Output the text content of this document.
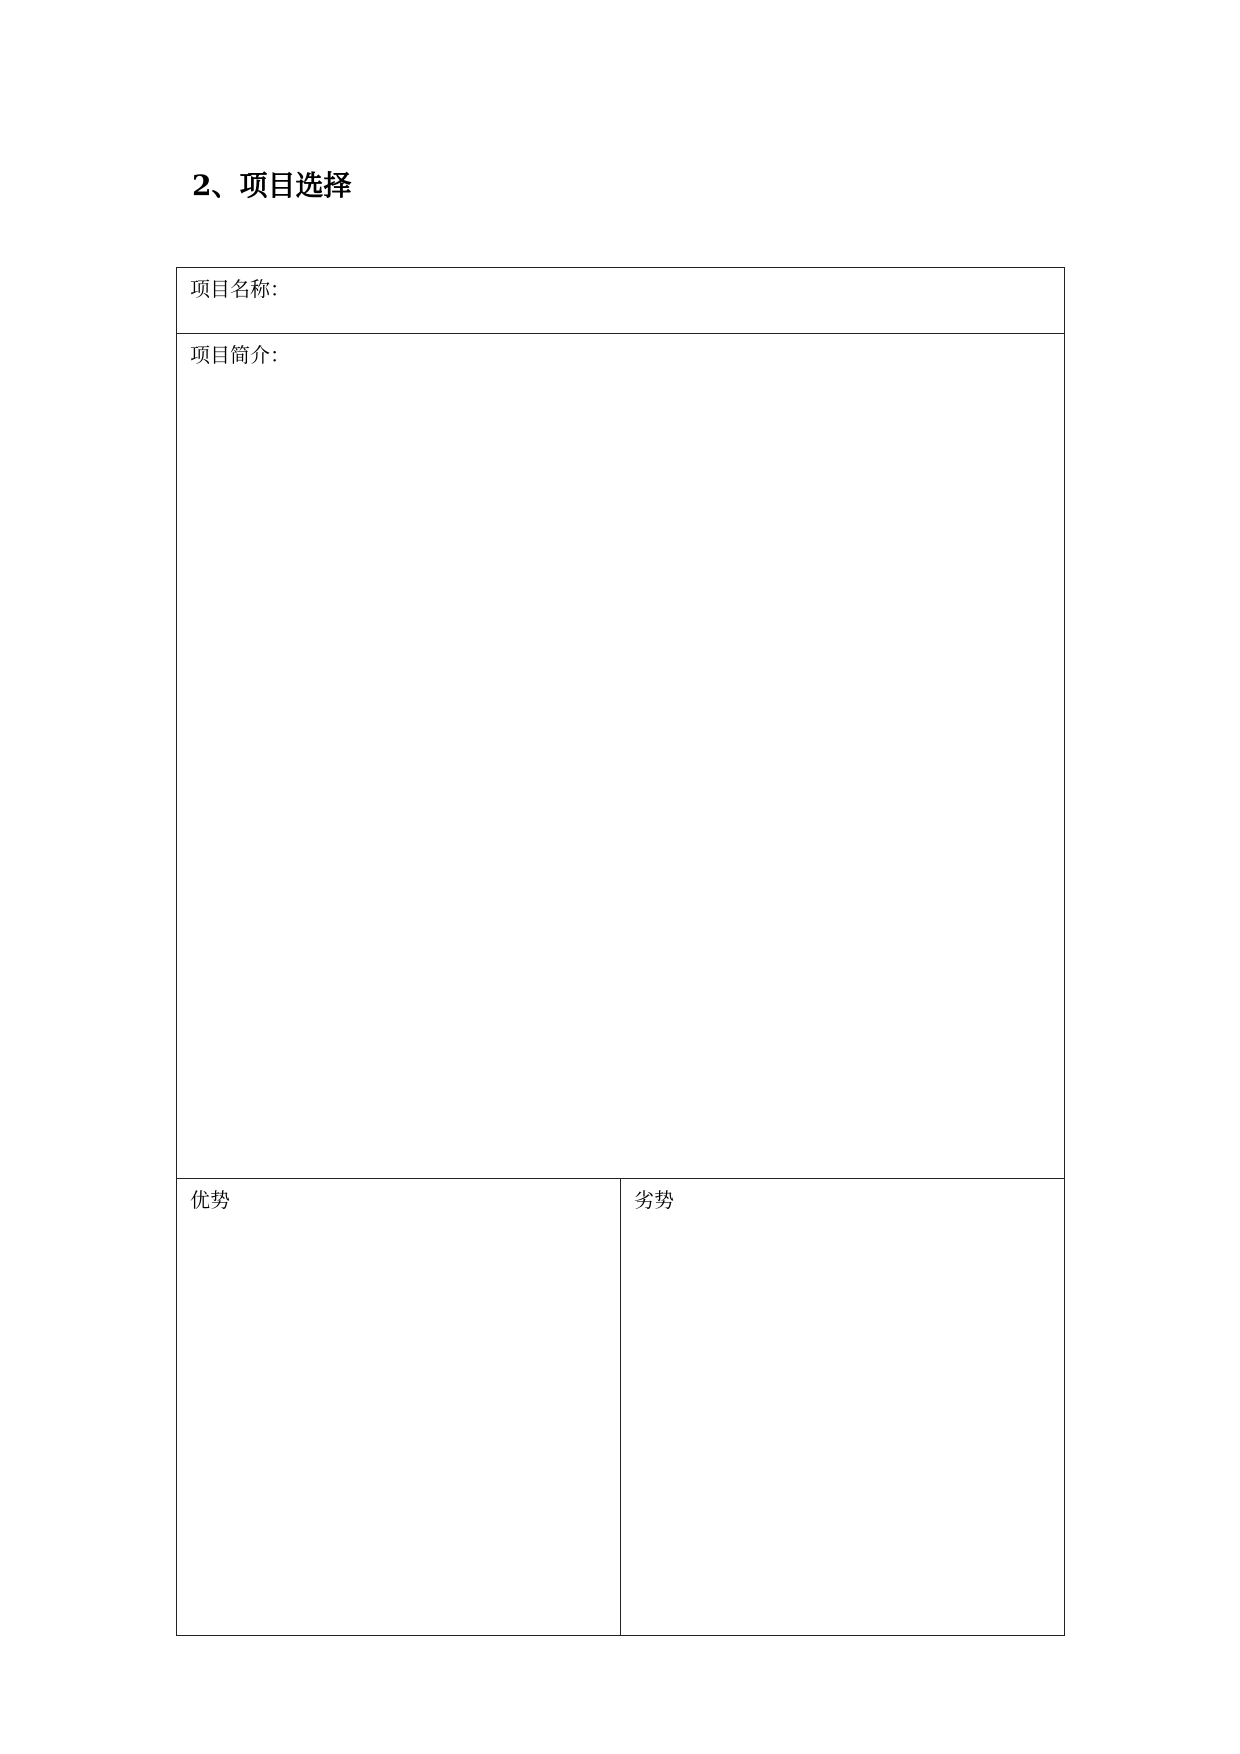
2、项目选择
项目名称：
项目简介：
优势	劣势
